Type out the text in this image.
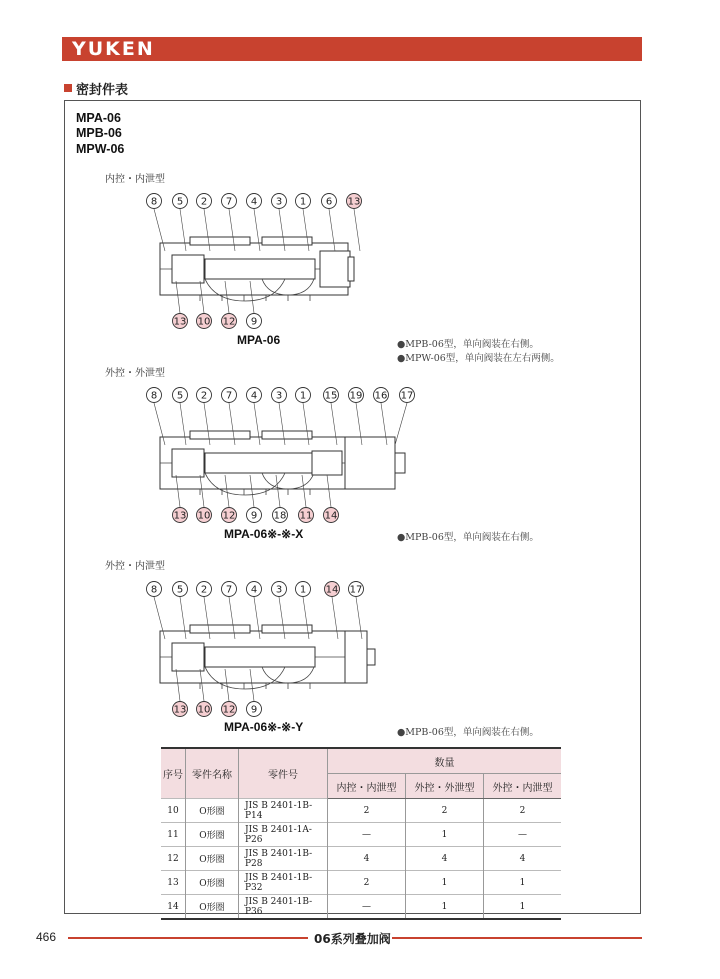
YUKEN
密封件表
MPA-06
MPB-06
MPW-06
内控・内泄型
外控・外泄型
外控・内泄型
MPA-06
MPA-06※-※-X
MPA-06※-※-Y
●MPB-06型，单向阀装在右侧。
●MPW-06型，单向阀装在左右两侧。
●MPB-06型，单向阀装在右侧。
●MPB-06型，单向阀装在右侧。
8 5 2 7 4 3 1 6 13
13 10 12 9
8 5 2 7 4 3 1 15 19 16 17
13 10 12 9 18 11 14
8 5 2 7 4 3 1 14 17
13 10 12 9
序号	零件名称	零件号	数量		
			内控・内泄型	外控・外泄型	外控・内泄型
10	O形圈	JIS B 2401-1B-P14	2	2	2
11	O形圈	JIS B 2401-1A-P26	—	1	—
12	O形圈	JIS B 2401-1B-P28	4	4	4
13	O形圈	JIS B 2401-1B-P32	2	1	1
14	O形圈	JIS B 2401-1B-P36	—	1	1
466	06系列叠加阀
